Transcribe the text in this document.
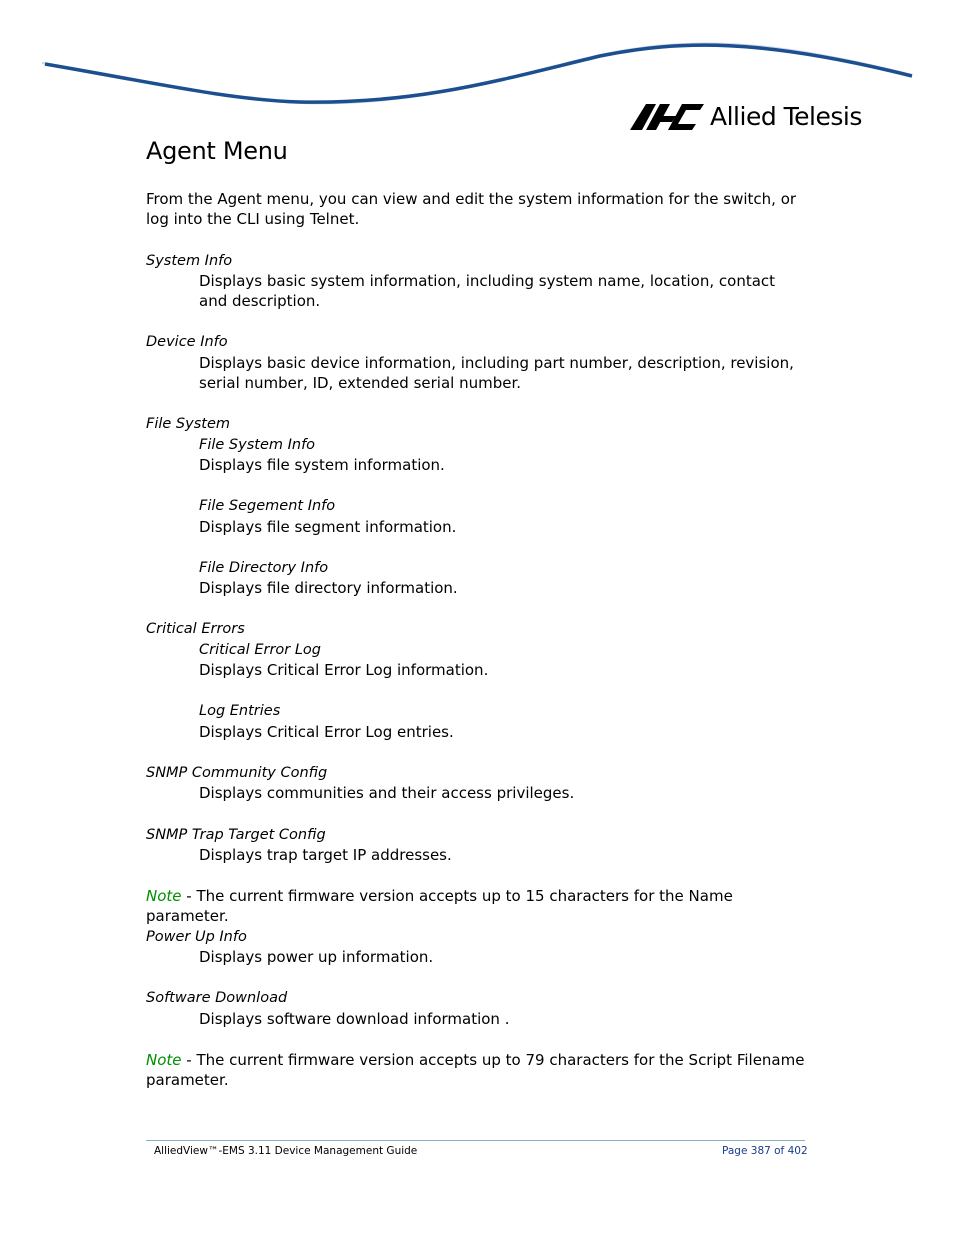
Allied Telesis
Agent Menu

From the Agent menu, you can view and edit the system information for the switch, or log into the CLI using Telnet.

System Info
Displays basic system information, including system name, location, contact and description.
Device Info
Displays basic device information, including part number, description, revision, serial number, ID, extended serial number.
File System
File System Info
Displays file system information.
File Segement Info
Displays file segment information.
File Directory Info
Displays file directory information.
Critical Errors
Critical Error Log
Displays Critical Error Log information.
Log Entries
Displays Critical Error Log entries.
SNMP Community Config
Displays communities and their access privileges.
SNMP Trap Target Config
Displays trap target IP addresses.

Note - The current firmware version accepts up to 15 characters for the Name parameter.

Power Up Info
Displays power up information.
Software Download
Displays software download information .

Note - The current firmware version accepts up to 79 characters for the Script Filename parameter.

AlliedView™-EMS 3.11 Device Management Guide	Page 387 of 402
